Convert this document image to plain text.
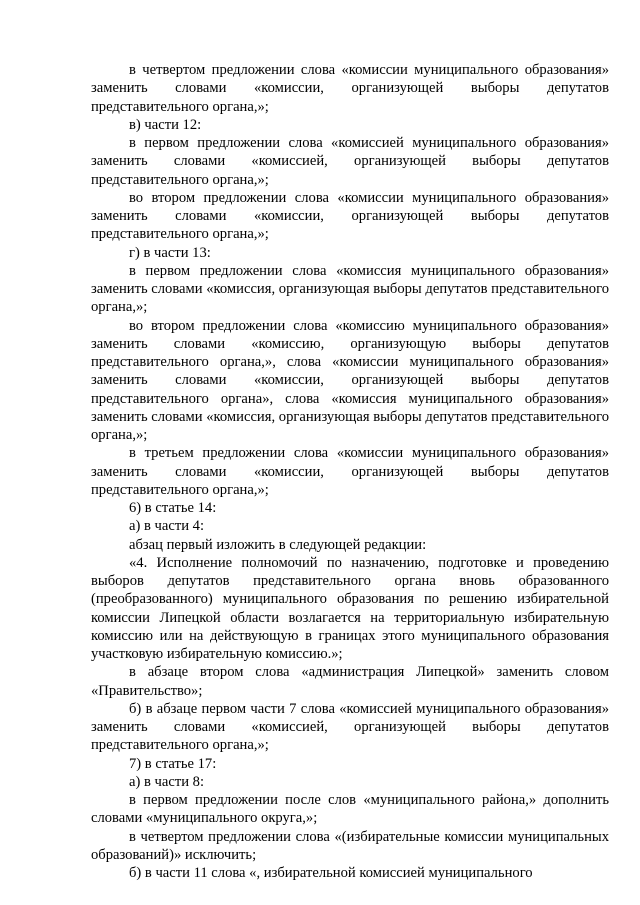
в четвертом предложении слова «комиссии муниципального образования» заменить словами «комиссии, организующей выборы депутатов представительного органа,»;

в) части 12:

в первом предложении слова «комиссией муниципального образования» заменить словами «комиссией, организующей выборы депутатов представительного органа,»;

во втором предложении слова «комиссии муниципального образования» заменить словами «комиссии, организующей выборы депутатов представительного органа,»;

г) в части 13:

в первом предложении слова «комиссия муниципального образования» заменить словами «комиссия, организующая выборы депутатов представительного органа,»;

во втором предложении слова «комиссию муниципального образования» заменить словами «комиссию, организующую выборы депутатов представительного органа,», слова «комиссии муниципального образования» заменить словами «комиссии, организующей выборы депутатов представительного органа», слова «комиссия муниципального образования» заменить словами «комиссия, организующая выборы депутатов представительного органа,»;

в третьем предложении слова «комиссии муниципального образования» заменить словами «комиссии, организующей выборы депутатов представительного органа,»;

6) в статье 14:

а) в части 4:

абзац первый изложить в следующей редакции:

«4. Исполнение полномочий по назначению, подготовке и проведению выборов депутатов представительного органа вновь образованного (преобразованного) муниципального образования по решению избирательной комиссии Липецкой области возлагается на территориальную избирательную комиссию или на действующую в границах этого муниципального образования участковую избирательную комиссию.»;

в абзаце втором слова «администрация Липецкой» заменить словом «Правительство»;

б) в абзаце первом части 7 слова «комиссией муниципального образования» заменить словами «комиссией, организующей выборы депутатов представительного органа,»;

7) в статье 17:

а) в части 8:

в первом предложении после слов «муниципального района,» дополнить словами «муниципального округа,»;

в четвертом предложении слова «(избирательные комиссии муниципальных образований)» исключить;

б) в части 11 слова «, избирательной комиссией муниципального
